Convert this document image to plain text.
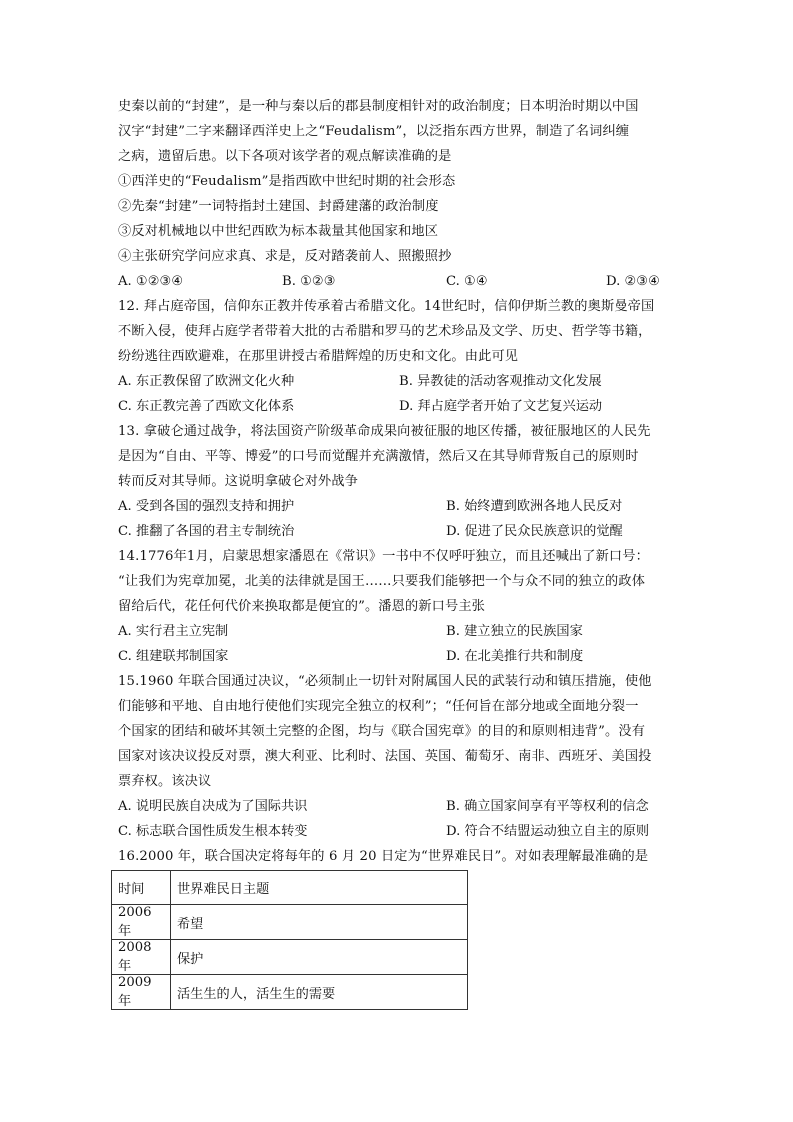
史秦以前的“封建”，是一种与秦以后的郡县制度相针对的政治制度；日本明治时期以中国
汉字“封建”二字来翻译西洋史上之“Feudalism”，以泛指东西方世界，制造了名词纠缠
之病，遗留后患。以下各项对该学者的观点解读准确的是
①西洋史的“Feudalism”是指西欧中世纪时期的社会形态
②先秦“封建”一词特指封土建国、封爵建藩的政治制度
③反对机械地以中世纪西欧为标本裁量其他国家和地区
④主张研究学问应求真、求是，反对踏袭前人、照搬照抄
A. ①②③④	B. ①②③	C. ①④	D. ②③④
12. 拜占庭帝国，信仰东正教并传承着古希腊文化。14世纪时，信仰伊斯兰教的奥斯曼帝国
不断入侵，使拜占庭学者带着大批的古希腊和罗马的艺术珍品及文学、历史、哲学等书籍，
纷纷逃往西欧避难，在那里讲授古希腊辉煌的历史和文化。由此可见
A. 东正教保留了欧洲文化火种	B. 异教徒的活动客观推动文化发展
C. 东正教完善了西欧文化体系	D. 拜占庭学者开始了文艺复兴运动
13. 拿破仑通过战争，将法国资产阶级革命成果向被征服的地区传播，被征服地区的人民先
是因为“自由、平等、博爱”的口号而觉醒并充满激情，然后又在其导师背叛自己的原则时
转而反对其导师。这说明拿破仑对外战争
A. 受到各国的强烈支持和拥护	B. 始终遭到欧洲各地人民反对
C. 推翻了各国的君主专制统治	D. 促进了民众民族意识的觉醒
14.1776年1月，启蒙思想家潘恩在《常识》一书中不仅呼吁独立，而且还喊出了新口号：
“让我们为宪章加冕，北美的法律就是国王……只要我们能够把一个与众不同的独立的政体
留给后代，花任何代价来换取都是便宜的”。潘恩的新口号主张
A. 实行君主立宪制	B. 建立独立的民族国家
C. 组建联邦制国家	D. 在北美推行共和制度
15.1960 年联合国通过决议，“必须制止一切针对附属国人民的武装行动和镇压措施，使他
们能够和平地、自由地行使他们实现完全独立的权利”；“任何旨在部分地或全面地分裂一
个国家的团结和破坏其领土完整的企图，均与《联合国宪章》的目的和原则相违背”。没有
国家对该决议投反对票，澳大利亚、比利时、法国、英国、葡萄牙、南非、西班牙、美国投
票弃权。该决议
A. 说明民族自决成为了国际共识	B. 确立国家间享有平等权利的信念
C. 标志联合国性质发生根本转变	D. 符合不结盟运动独立自主的原则
16.2000 年，联合国决定将每年的 6 月 20 日定为“世界难民日”。对如表理解最准确的是
时间	世界难民日主题
2006年	希望
2008年	保护
2009年	活生生的人，活生生的需要
